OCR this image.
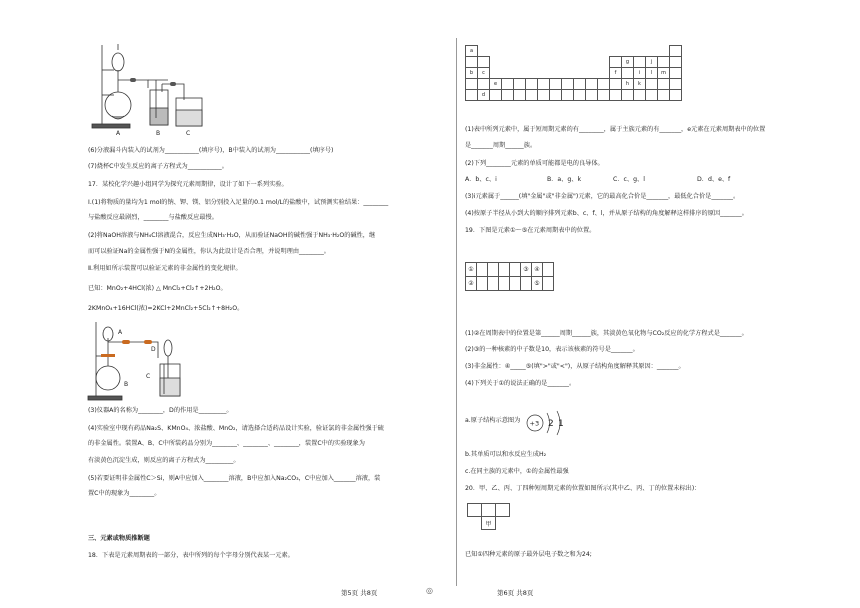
A	B	C
(6)分液漏斗内装入的试剂为___________(填序号)，B中装入的试剂为___________(填序号)
(7)烧杯C中发生反应的离子方程式为___________。
17．某校化学兴趣小组同学为探究元素周期律，设计了如下一系列实验。
Ⅰ.(1)将物质的量均为1 mol的钠、钾、镁、铝分别投入足量的0.1 mol/L的盐酸中，试预测实验结果：________
与盐酸反应最剧烈，________与盐酸反应最慢。
(2)将NaOH溶液与NH₄Cl溶液混合，反应生成NH₃·H₂O，从而验证NaOH的碱性强于NH₃·H₂O的碱性，继
而可以验证Na的金属性强于N的金属性，你认为此设计是否合理，并说明理由________。
Ⅱ.利用如所示装置可以验证元素的非金属性的变化规律。
已知：MnO₂+4HCl(浓) △ MnCl₂+Cl₂↑+2H₂O。
2KMnO₄+16HCl(浓)=2KCl+2MnCl₂+5Cl₂↑+8H₂O。
A
D
B
C
(3)仪器A的名称为________，D的作用是_________。
(4)实验室中现有药品Na₂S、KMnO₄、浓盐酸、MnO₂，请选择合适药品设计实验，验证氯的非金属性强于硫
的非金属性。装置A、B、C中所装药品分别为________、________、________，装置C中的实验现象为
有淡黄色沉淀生成，则反应的离子方程式为_________。
(5)若要证明非金属性C＞Si，则A中应加入________溶液，B中应加入Na₂CO₃，C中应加入_______溶液，装
置C中的现象为________。
三、元素或物质推断题
18．下表是元素周期表的一部分，表中所列的每个字母分别代表某一元素。
第5页 共8页	◎
a																	
													g		j		
b	c											f		i	l	m	
		e											h	k			
	d																
(1)表中所列元素中，属于短周期元素的有________，属于主族元素的有_______，e元素在元素周期表中的位置
是_______周期______族。
(2)下列________元素的单质可能都是电的良导体。
A．b、c、i	B．a、g、k	C．c、g、l	D．d、e、f
(3)i元素属于______(填"金属"或"非金属")元素，它的最高化合价是_______，最低化合价是_______。
(4)按原子半径从小到大的顺序排列元素b、c、f、l，并从原子结构的角度解释这样排序的原因_______。
19．下图是元素①～⑤在元素周期表中的位置。
①					③	④	
②						⑤	
(1)②在周期表中的位置是第______周期______族，其淡黄色氧化物与CO₂反应的化学方程式是_______。
(2)③的一种核素的中子数是10，表示该核素的符号是_______。
(3)非金属性：④_____⑤(填">"或"<")，从原子结构角度解释其原因：_______。
(4)下列关于①的说法正确的是_______。
a.原子结构示意图为 +3 2 1
b.其单质可以和水反应生成H₂
c.在同主族的元素中，①的金属性最强
20．甲、乙、丙、丁四种短周期元素的位置如图所示(其中乙、丙、丁的位置未标出)：

	甲	
已知①四种元素的原子最外层电子数之和为24;
第6页 共8页
